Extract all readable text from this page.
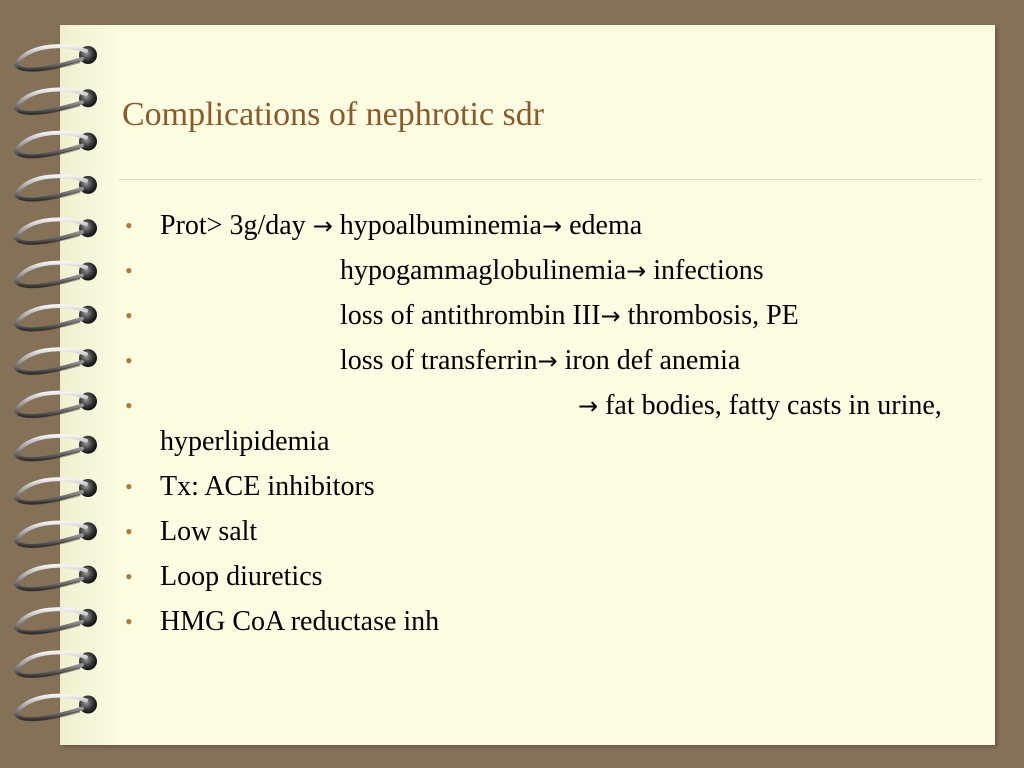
Complications of nephrotic sdr
• Prot> 3g/day → hypoalbuminemia→ edema
•	hypogammaglobulinemia→ infections
•	loss of antithrombin III→ thrombosis, PE
•	loss of transferrin→ iron def anemia
•	→ fat bodies, fatty casts in urine, hyperlipidemia
• Tx: ACE inhibitors
• Low salt
• Loop diuretics
• HMG CoA reductase inh
